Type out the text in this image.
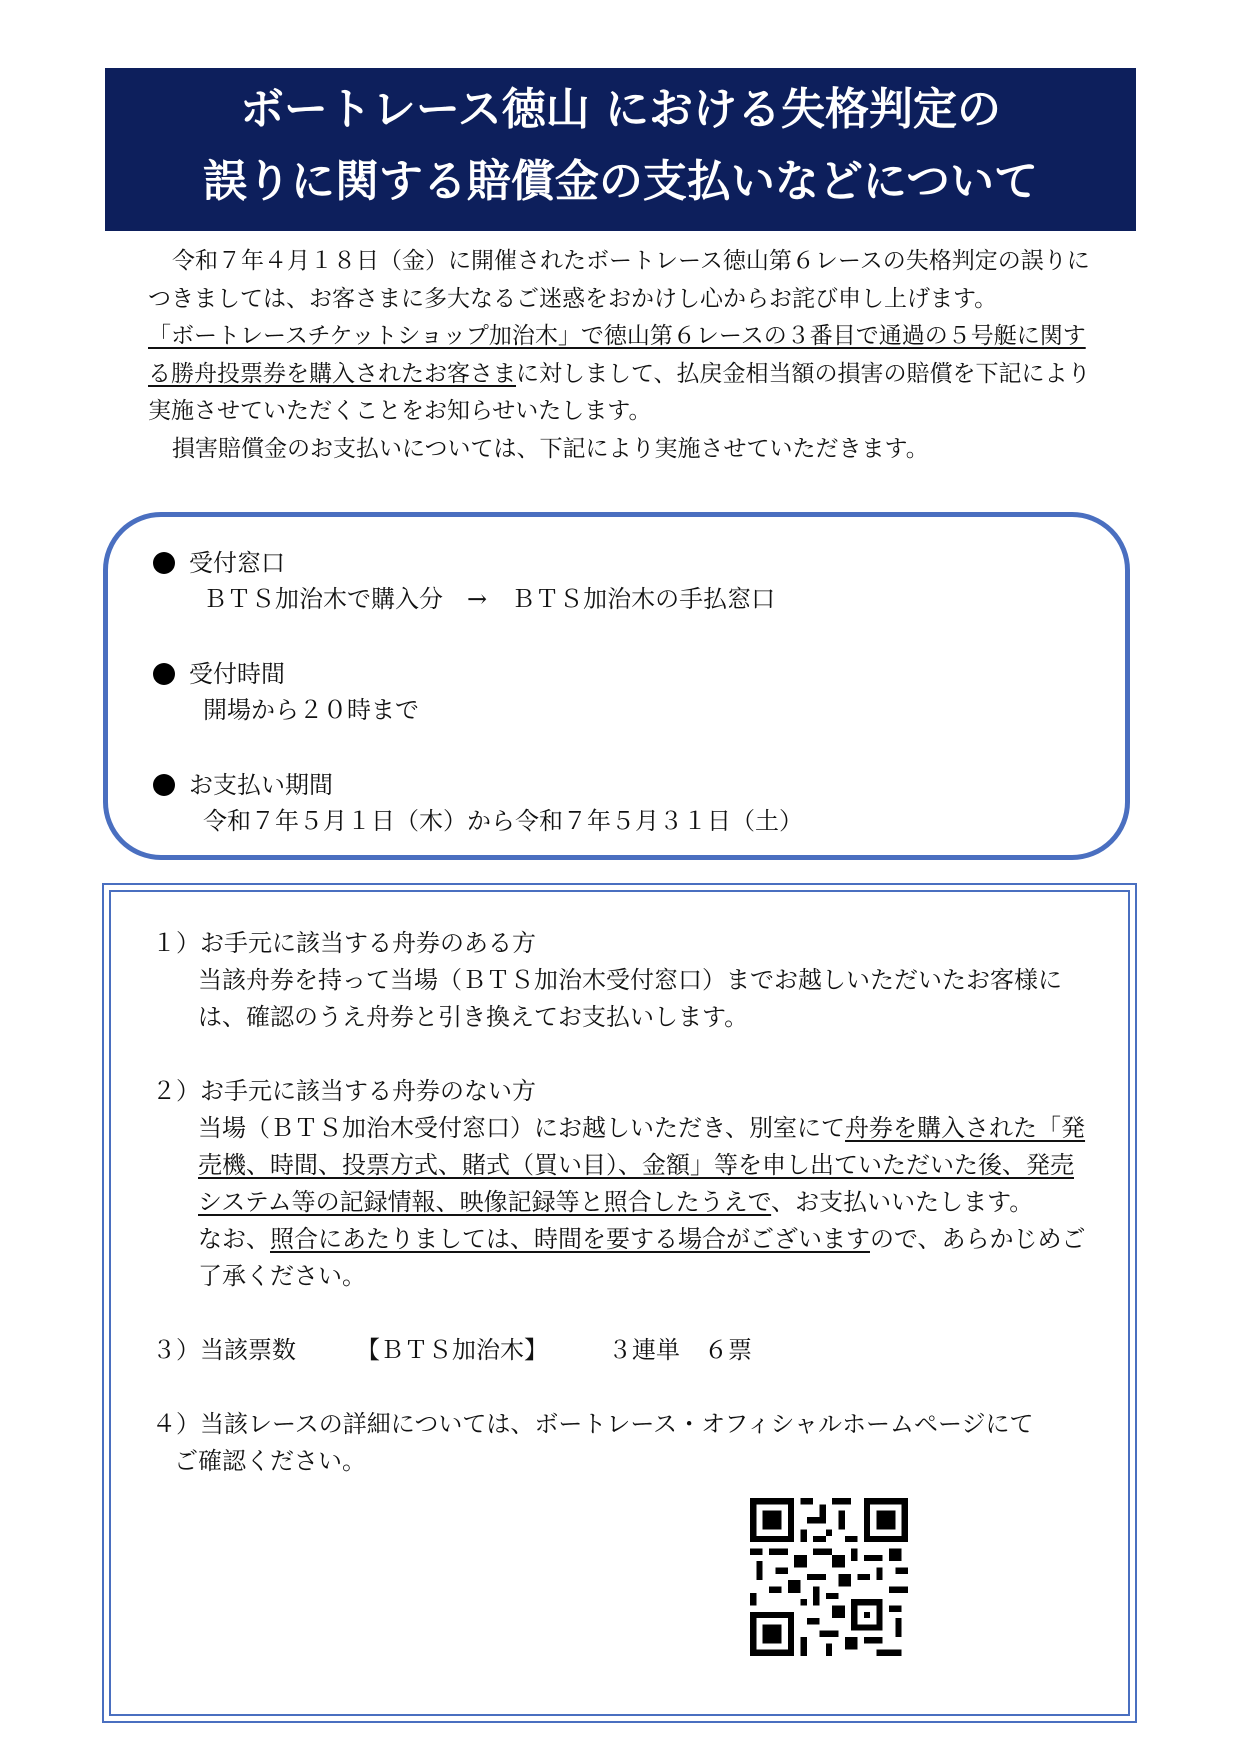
ボートレース徳山 における失格判定の
誤りに関する賠償金の支払いなどについて

令和７年４月１８日（金）に開催されたボートレース徳山第６レースの失格判定の誤りにつきましては、お客さまに多大なるご迷惑をおかけし心からお詫び申し上げます。

「ボートレースチケットショップ加治木」で徳山第６レースの３番目で通過の５号艇に関する勝舟投票券を購入されたお客さまに対しまして、払戻金相当額の損害の賠償を下記により実施させていただくことをお知らせいたします。

損害賠償金のお支払いについては、下記により実施させていただきます。

受付窓口
ＢＴＳ加治木で購入分　→　ＢＴＳ加治木の手払窓口
受付時間
開場から２０時まで
お支払い期間
令和７年５月１日（木）から令和７年５月３１日（土）

１）お手元に該当する舟券のある方

当該舟券を持って当場（ＢＴＳ加治木受付窓口）までお越しいただいたお客様には、確認のうえ舟券と引き換えてお支払いします。

２）お手元に該当する舟券のない方

当場（ＢＴＳ加治木受付窓口）にお越しいただき、別室にて舟券を購入された「発売機、時間、投票方式、賭式（買い目）、金額」等を申し出ていただいた後、発売システム等の記録情報、映像記録等と照合したうえで、お支払いいたします。

なお、照合にあたりましては、時間を要する場合がございますので、あらかじめご了承ください。

３）当該票数　　　	【ＢＴＳ加治木】　　　	３連単　６票

４）当該レースの詳細については、ボートレース・オフィシャルホームページにて

ご確認ください。
